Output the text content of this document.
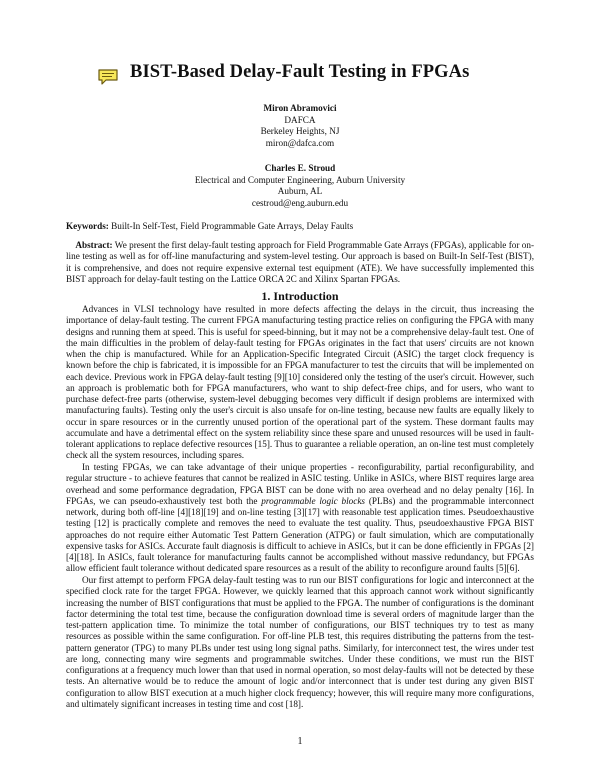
BIST-Based Delay-Fault Testing in FPGAs
Miron Abramovici
DAFCA
Berkeley Heights, NJ
miron@dafca.com
Charles E. Stroud
Electrical and Computer Engineering, Auburn University
Auburn, AL
cestroud@eng.auburn.edu
Keywords: Built-In Self-Test, Field Programmable Gate Arrays, Delay Faults
Abstract: We present the first delay-fault testing approach for Field Programmable Gate Arrays (FPGAs), applicable for on-line testing as well as for off-line manufacturing and system-level testing. Our approach is based on Built-In Self-Test (BIST), it is comprehensive, and does not require expensive external test equipment (ATE). We have successfully implemented this BIST approach for delay-fault testing on the Lattice ORCA 2C and Xilinx Spartan FPGAs.
1. Introduction

Advances in VLSI technology have resulted in more defects affecting the delays in the circuit, thus increasing the importance of delay-fault testing. The current FPGA manufacturing testing practice relies on configuring the FPGA with many designs and running them at speed. This is useful for speed-binning, but it may not be a comprehensive delay-fault test. One of the main difficulties in the problem of delay-fault testing for FPGAs originates in the fact that users' circuits are not known when the chip is manufactured. While for an Application-Specific Integrated Circuit (ASIC) the target clock frequency is known before the chip is fabricated, it is impossible for an FPGA manufacturer to test the circuits that will be implemented on each device. Previous work in FPGA delay-fault testing [9][10] considered only the testing of the user's circuit. However, such an approach is problematic both for FPGA manufacturers, who want to ship defect-free chips, and for users, who want to purchase defect-free parts (otherwise, system-level debugging becomes very difficult if design problems are intermixed with manufacturing faults). Testing only the user's circuit is also unsafe for on-line testing, because new faults are equally likely to occur in spare resources or in the currently unused portion of the operational part of the system. These dormant faults may accumulate and have a detrimental effect on the system reliability since these spare and unused resources will be used in fault-tolerant applications to replace defective resources [15]. Thus to guarantee a reliable operation, an on-line test must completely check all the system resources, including spares.

In testing FPGAs, we can take advantage of their unique properties - reconfigurability, partial reconfigurability, and regular structure - to achieve features that cannot be realized in ASIC testing. Unlike in ASICs, where BIST requires large area overhead and some performance degradation, FPGA BIST can be done with no area overhead and no delay penalty [16]. In FPGAs, we can pseudo-exhaustively test both the programmable logic blocks (PLBs) and the programmable interconnect network, during both off-line [4][18][19] and on-line testing [3][17] with reasonable test application times. Pseudoexhaustive testing [12] is practically complete and removes the need to evaluate the test quality. Thus, pseudoexhaustive FPGA BIST approaches do not require either Automatic Test Pattern Generation (ATPG) or fault simulation, which are computationally expensive tasks for ASICs. Accurate fault diagnosis is difficult to achieve in ASICs, but it can be done efficiently in FPGAs [2][4][18]. In ASICs, fault tolerance for manufacturing faults cannot be accomplished without massive redundancy, but FPGAs allow efficient fault tolerance without dedicated spare resources as a result of the ability to reconfigure around faults [5][6].

Our first attempt to perform FPGA delay-fault testing was to run our BIST configurations for logic and interconnect at the specified clock rate for the target FPGA. However, we quickly learned that this approach cannot work without significantly increasing the number of BIST configurations that must be applied to the FPGA. The number of configurations is the dominant factor determining the total test time, because the configuration download time is several orders of magnitude larger than the test-pattern application time. To minimize the total number of configurations, our BIST techniques try to test as many resources as possible within the same configuration. For off-line PLB test, this requires distributing the patterns from the test-pattern generator (TPG) to many PLBs under test using long signal paths. Similarly, for interconnect test, the wires under test are long, connecting many wire segments and programmable switches. Under these conditions, we must run the BIST configurations at a frequency much lower than that used in normal operation, so most delay-faults will not be detected by these tests. An alternative would be to reduce the amount of logic and/or interconnect that is under test during any given BIST configuration to allow BIST execution at a much higher clock frequency; however, this will require many more configurations, and ultimately significant increases in testing time and cost [18].

1
